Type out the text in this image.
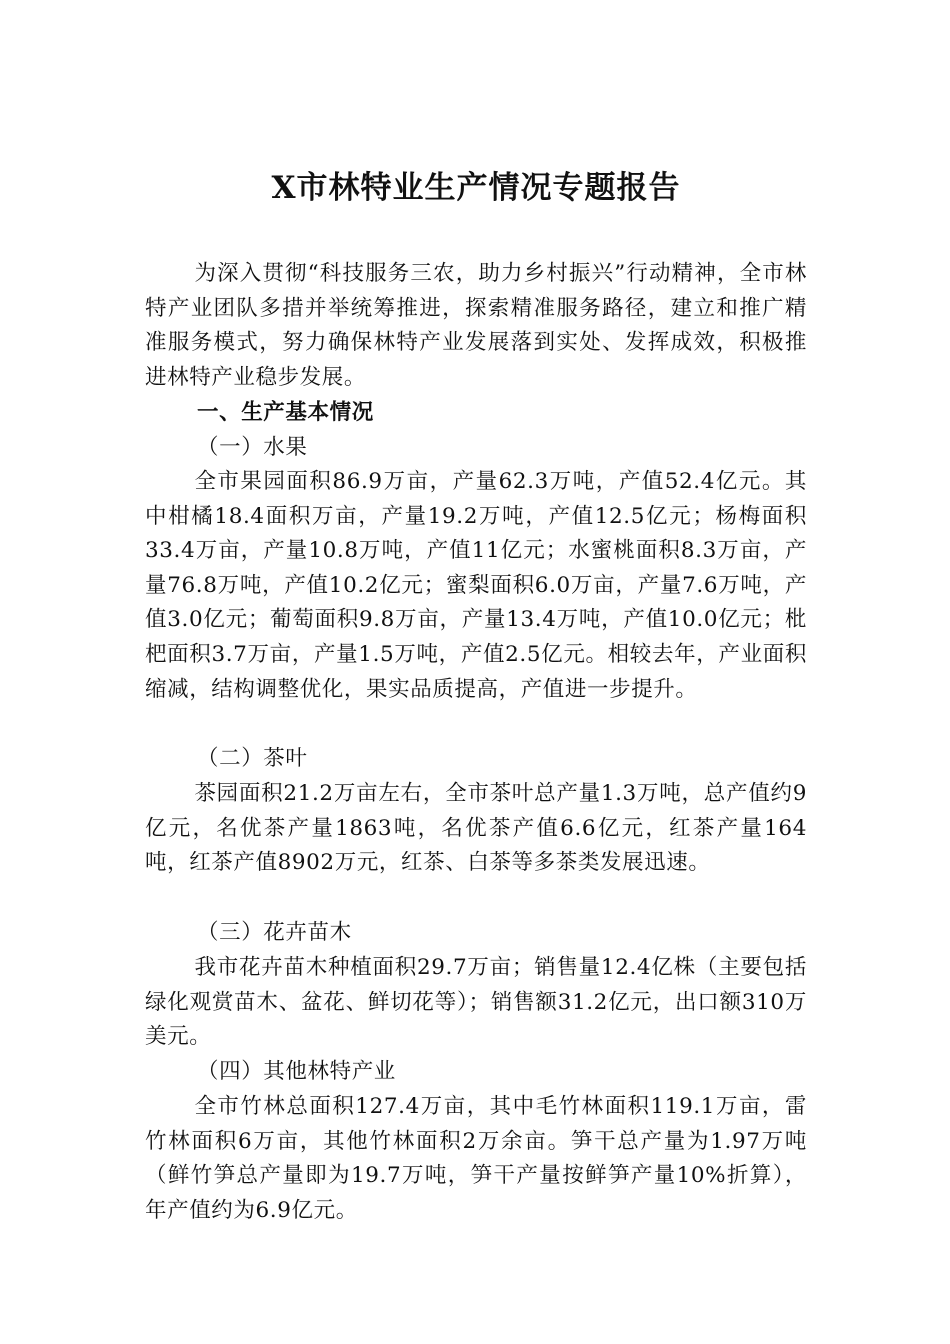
X市林特业生产情况专题报告

为深入贯彻“科技服务三农，助力乡村振兴”行动精神，全市林特产业团队多措并举统筹推进，探索精准服务路径，建立和推广精准服务模式，努力确保林特产业发展落到实处、发挥成效，积极推进林特产业稳步发展。

一、生产基本情况

（一）水果

全市果园面积86.9万亩，产量62.3万吨，产值52.4亿元。其中柑橘18.4面积万亩，产量19.2万吨，产值12.5亿元；杨梅面积33.4万亩，产量10.8万吨，产值11亿元；水蜜桃面积8.3万亩，产量76.8万吨，产值10.2亿元；蜜梨面积6.0万亩，产量7.6万吨，产值3.0亿元；葡萄面积9.8万亩，产量13.4万吨，产值10.0亿元；枇杷面积3.7万亩，产量1.5万吨，产值2.5亿元。相较去年，产业面积缩减，结构调整优化，果实品质提高，产值进一步提升。

（二）茶叶

茶园面积21.2万亩左右，全市茶叶总产量1.3万吨，总产值约9亿元，名优茶产量1863吨，名优茶产值6.6亿元，红茶产量164吨，红茶产值8902万元，红茶、白茶等多茶类发展迅速。

（三）花卉苗木

我市花卉苗木种植面积29.7万亩；销售量12.4亿株（主要包括绿化观赏苗木、盆花、鲜切花等）；销售额31.2亿元，出口额310万美元。

（四）其他林特产业

全市竹林总面积127.4万亩，其中毛竹林面积119.1万亩，雷竹林面积6万亩，其他竹林面积2万余亩。笋干总产量为1.97万吨（鲜竹笋总产量即为19.7万吨，笋干产量按鲜笋产量10%折算），年产值约为6.9亿元。
